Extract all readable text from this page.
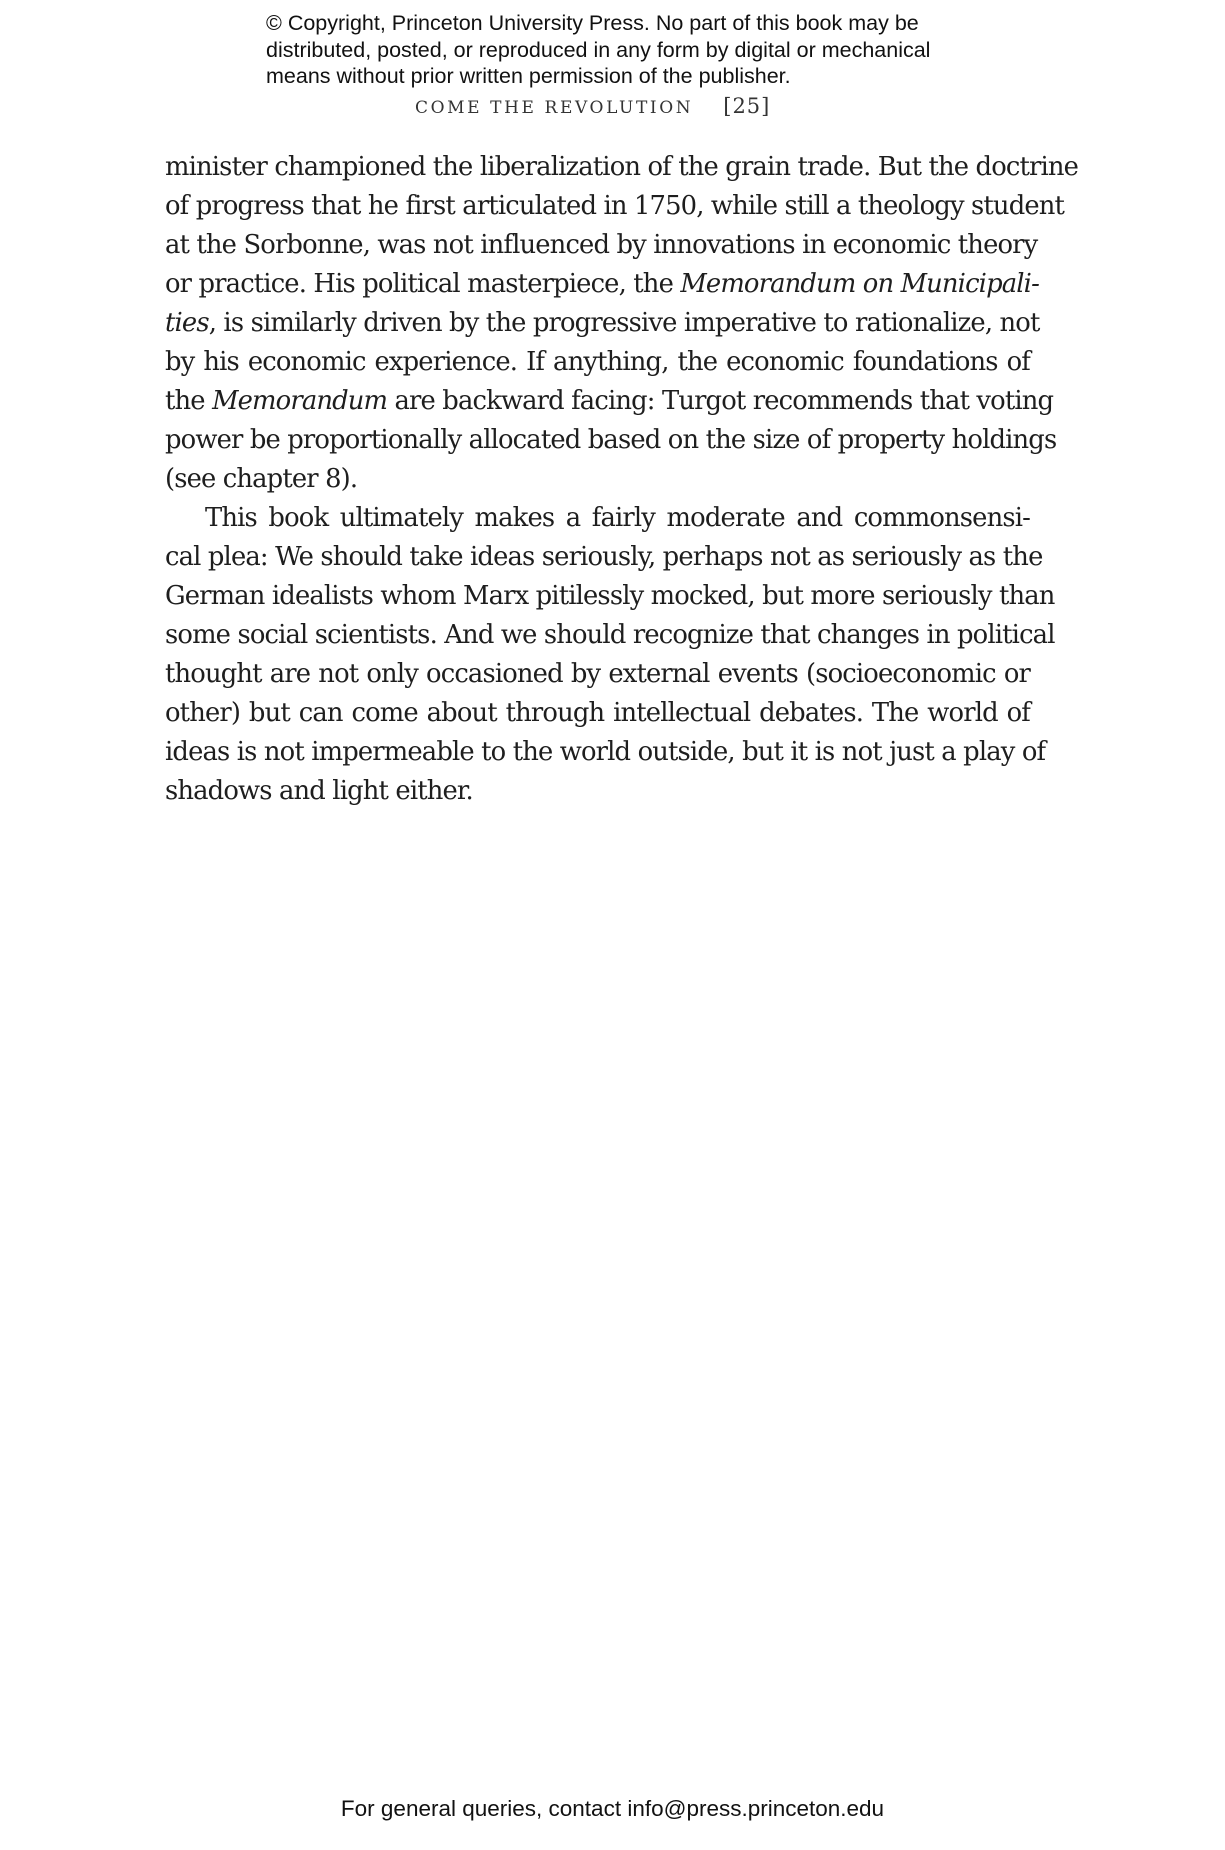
© Copyright, Princeton University Press. No part of this book may be
distributed, posted, or reproduced in any form by digital or mechanical
means without prior written permission of the publisher.
COME THE REVOLUTION [25]
minister championed the liberalization of the grain trade. But the doctrine
of progress that he first articulated in 1750, while still a theology student
at the Sorbonne, was not influenced by innovations in economic theory
or practice. His political masterpiece, the Memorandum on Municipali-
ties, is similarly driven by the progressive imperative to rationalize, not
by his economic experience. If anything, the economic foundations of
the Memorandum are backward facing: Turgot recommends that voting
power be proportionally allocated based on the size of property holdings
(see chapter 8).
This book ultimately makes a fairly moderate and commonsensi-
cal plea: We should take ideas seriously, perhaps not as seriously as the
German idealists whom Marx pitilessly mocked, but more seriously than
some social scientists. And we should recognize that changes in political
thought are not only occasioned by external events (socioeconomic or
other) but can come about through intellectual debates. The world of
ideas is not impermeable to the world outside, but it is not just a play of
shadows and light either.
For general queries, contact info@press.princeton.edu
